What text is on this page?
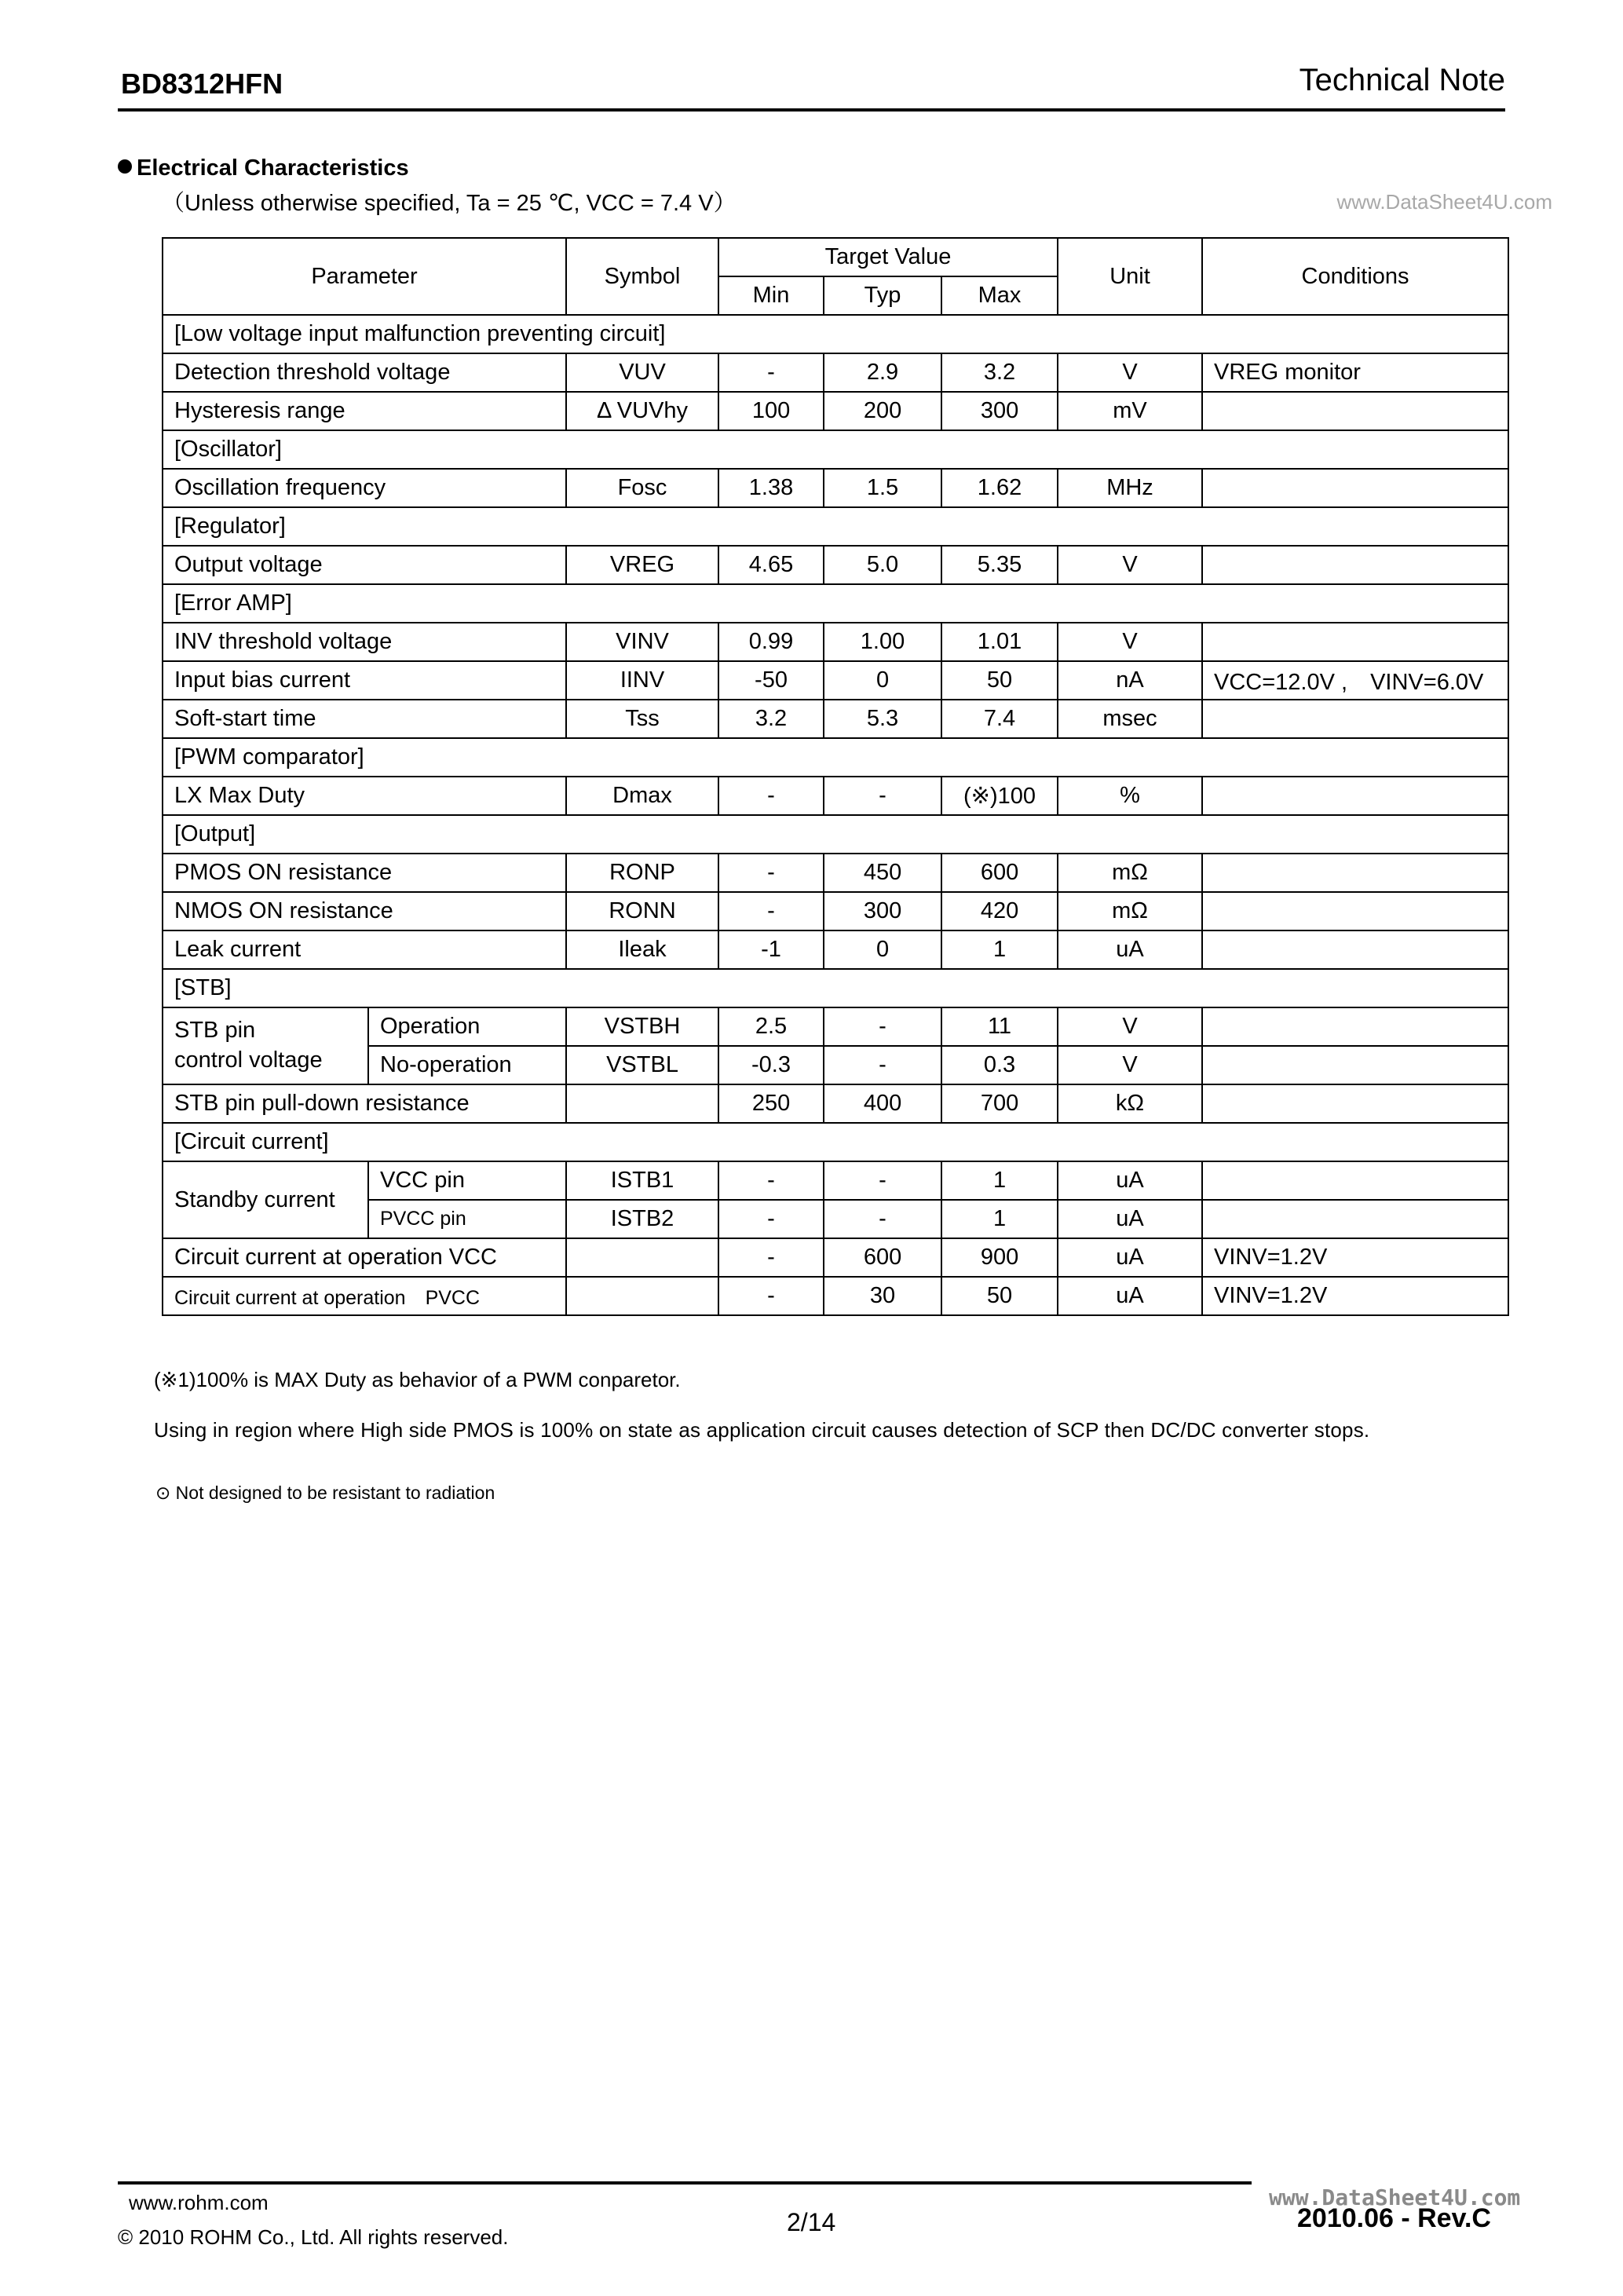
BD8312HFN	Technical Note
Electrical Characteristics
（Unless otherwise specified, Ta = 25 ℃, VCC = 7.4 V）	www.DataSheet4U.com
Parameter		Symbol	Target Value			Unit	Conditions
			Min	Typ	Max		
[Low voltage input malfunction preventing circuit]							
Detection threshold voltage		VUV	-	2.9	3.2	V	VREG monitor
Hysteresis range		Δ VUVhy	100	200	300	mV	
[Oscillator]							
Oscillation frequency		Fosc	1.38	1.5	1.62	MHz	
[Regulator]							
Output voltage		VREG	4.65	5.0	5.35	V	
[Error AMP]							
INV threshold voltage		VINV	0.99	1.00	1.01	V	
Input bias current		IINV	-50	0	50	nA	VCC=12.0V ,　VINV=6.0V
Soft-start time		Tss	3.2	5.3	7.4	msec	
[PWM comparator]							
LX Max Duty		Dmax	-	-	(※)100	%	
[Output]							
PMOS ON resistance		RONP	-	450	600	mΩ	
NMOS ON resistance		RONN	-	300	420	mΩ	
Leak current		Ileak	-1	0	1	uA	
[STB]							
STB pin
control voltage	Operation	VSTBH	2.5	-	11	V	
	No-operation	VSTBL	-0.3	-	0.3	V	
STB pin pull-down resistance			250	400	700	kΩ	
[Circuit current]							
Standby current	VCC pin	ISTB1	-	-	1	uA	
	PVCC pin	ISTB2	-	-	1	uA	
Circuit current at operation VCC			-	600	900	uA	VINV=1.2V
Circuit current at operation　PVCC			-	30	50	uA	VINV=1.2V
(※1)100% is MAX Duty as behavior of a PWM conparetor.
Using in region where High side PMOS is 100% on state as application circuit causes detection of SCP then DC/DC converter stops.
⊙ Not designed to be resistant to radiation
www.rohm.com
© 2010 ROHM Co., Ltd. All rights reserved.
2/14
www.DataSheet4U.com
2010.06 - Rev.C
